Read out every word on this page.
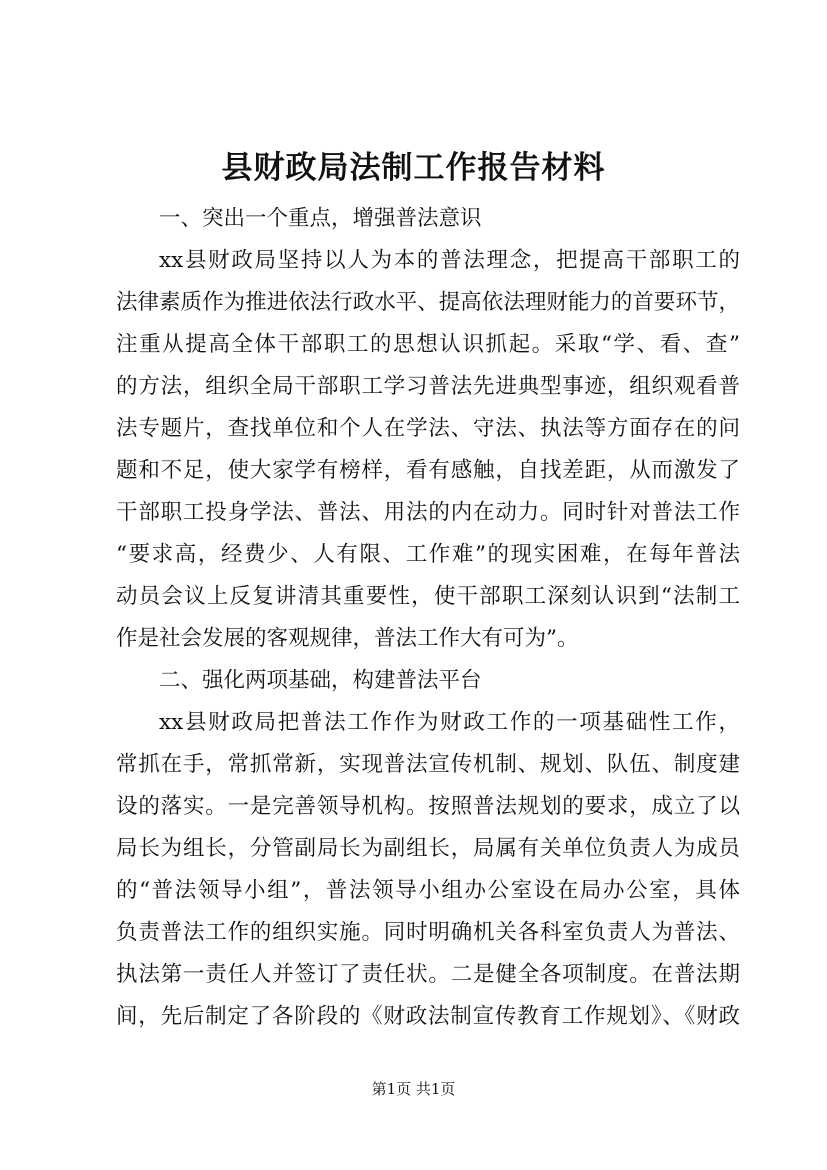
县财政局法制工作报告材料
一、突出一个重点，增强普法意识
xx县财政局坚持以人为本的普法理念，把提高干部职工的
法律素质作为推进依法行政水平、提高依法理财能力的首要环节，
注重从提高全体干部职工的思想认识抓起。采取“学、看、查”
的方法，组织全局干部职工学习普法先进典型事迹，组织观看普
法专题片，查找单位和个人在学法、守法、执法等方面存在的问
题和不足，使大家学有榜样，看有感触，自找差距，从而激发了
干部职工投身学法、普法、用法的内在动力。同时针对普法工作
“要求高，经费少、人有限、工作难”的现实困难，在每年普法
动员会议上反复讲清其重要性，使干部职工深刻认识到“法制工
作是社会发展的客观规律，普法工作大有可为”。
二、强化两项基础，构建普法平台
xx县财政局把普法工作作为财政工作的一项基础性工作，
常抓在手，常抓常新，实现普法宣传机制、规划、队伍、制度建
设的落实。一是完善领导机构。按照普法规划的要求，成立了以
局长为组长，分管副局长为副组长，局属有关单位负责人为成员
的“普法领导小组”，普法领导小组办公室设在局办公室，具体
负责普法工作的组织实施。同时明确机关各科室负责人为普法、
执法第一责任人并签订了责任状。二是健全各项制度。在普法期
间，先后制定了各阶段的《财政法制宣传教育工作规划》、《财政
第1页 共1页
